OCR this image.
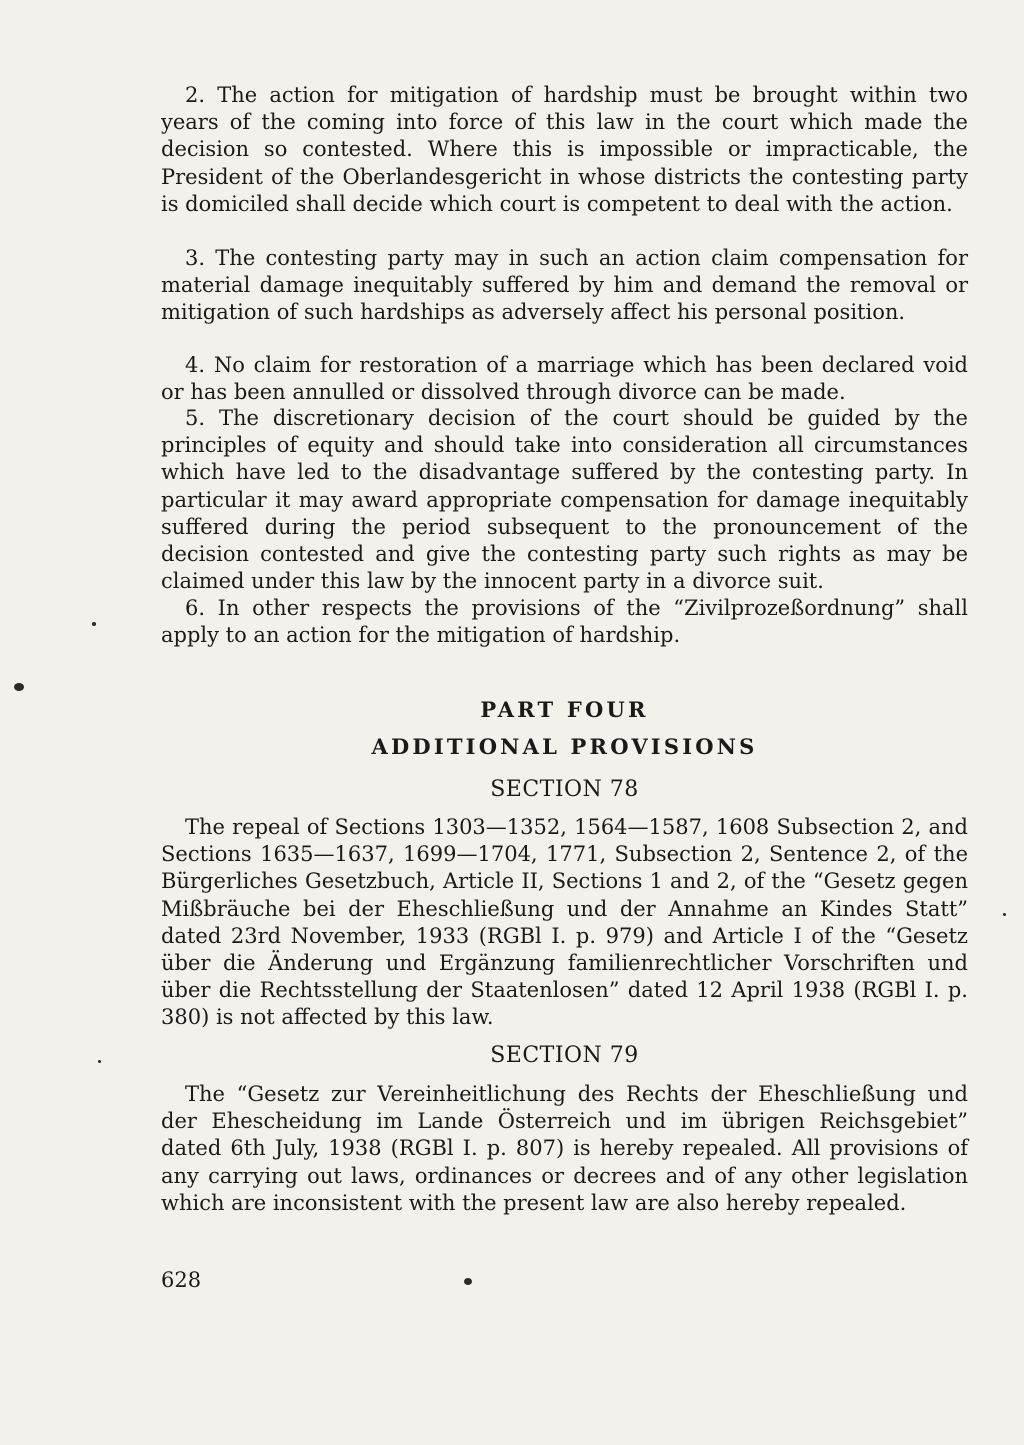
2. The action for mitigation of hardship must be brought within two years of the coming into force of this law in the court which made the decision so contested. Where this is impossible or impracticable, the President of the Oberlandesgericht in whose districts the contesting party is domiciled shall decide which court is competent to deal with the action.

3. The contesting party may in such an action claim compensation for material damage inequitably suffered by him and demand the removal or mitigation of such hardships as adversely affect his personal position.

4. No claim for restoration of a marriage which has been declared void or has been annulled or dissolved through divorce can be made.

5. The discretionary decision of the court should be guided by the principles of equity and should take into consideration all circumstances which have led to the disadvantage suffered by the contesting party. In particular it may award appropriate compensation for damage inequitably suffered during the period subsequent to the pronouncement of the decision contested and give the contesting party such rights as may be claimed under this law by the innocent party in a divorce suit.

6. In other respects the provisions of the “Zivilprozeßordnung” shall apply to an action for the mitigation of hardship.

PART FOUR

ADDITIONAL PROVISIONS

SECTION 78

The repeal of Sections 1303—1352, 1564—1587, 1608 Subsection 2, and Sections 1635—1637, 1699—1704, 1771, Subsection 2, Sentence 2, of the Bürgerliches Gesetzbuch, Article II, Sections 1 and 2, of the “Gesetz gegen Mißbräuche bei der Eheschließung und der Annahme an Kindes Statt” dated 23rd November, 1933 (RGBl I. p. 979) and Article I of the “Gesetz über die Änderung und Ergänzung familienrechtlicher Vorschriften und über die Rechtsstellung der Staatenlosen” dated 12 April 1938 (RGBl I. p. 380) is not affected by this law.

SECTION 79

The “Gesetz zur Vereinheitlichung des Rechts der Eheschließung und der Ehescheidung im Lande Österreich und im übrigen Reichsgebiet” dated 6th July, 1938 (RGBl I. p. 807) is hereby repealed. All provisions of any carrying out laws, ordinances or decrees and of any other legislation which are inconsistent with the present law are also hereby repealed.

628
